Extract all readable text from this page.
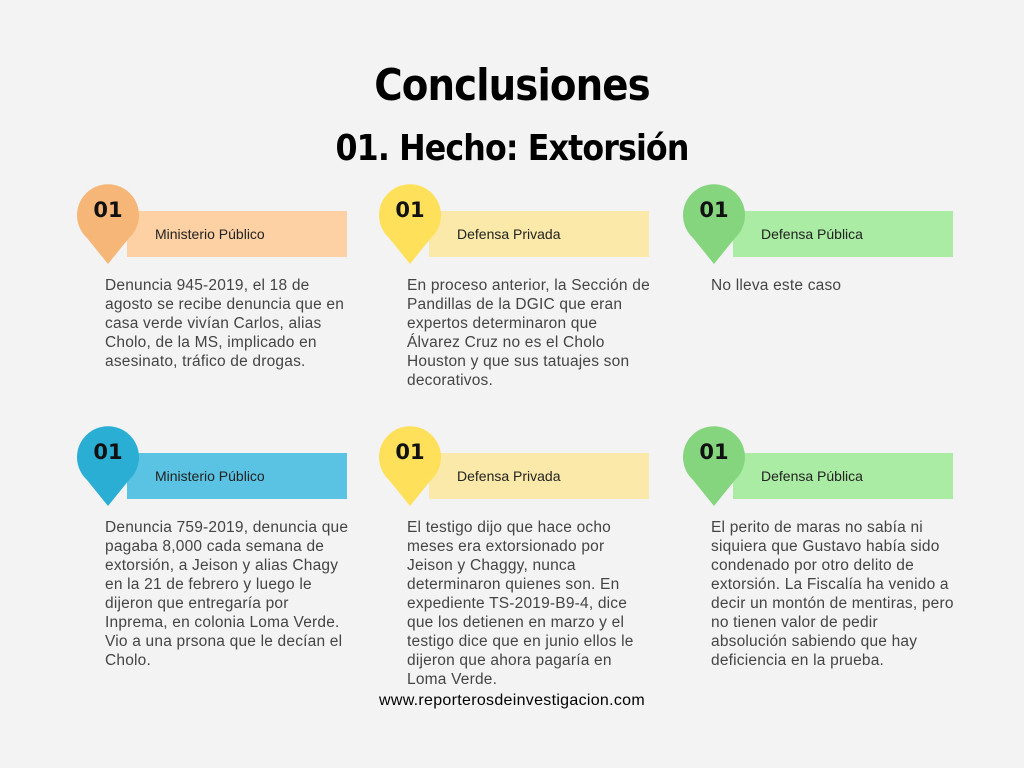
Conclusiones
01. Hecho: Extorsión
01
Ministerio Público
Denuncia 945-2019, el 18 de agosto se recibe denuncia que en casa verde vivían Carlos, alias Cholo, de la MS, implicado en asesinato, tráfico de drogas.
01
Defensa Privada
En proceso anterior, la Sección de Pandillas de la DGIC que eran expertos determinaron que Álvarez Cruz no es el Cholo Houston y que sus tatuajes son decorativos.
01
Defensa Pública
No lleva este caso
01
Ministerio Público
Denuncia 759-2019, denuncia que pagaba 8,000 cada semana de extorsión, a Jeison y alias Chagy en la 21 de febrero y luego le dijeron que entregaría por Inprema, en colonia Loma Verde. Vio a una prsona que le decían el Cholo.
01
Defensa Privada
El testigo dijo que hace ocho meses era extorsionado por Jeison y Chaggy, nunca determinaron quienes son. En expediente TS-2019-B9-4, dice que los detienen en marzo y el testigo dice que en junio ellos le dijeron que ahora pagaría en Loma Verde.
01
Defensa Pública
El perito de maras no sabía ni siquiera que Gustavo había sido condenado por otro delito de extorsión. La Fiscalía ha venido a decir un montón de mentiras, pero no tienen valor de pedir absolución sabiendo que hay deficiencia en la prueba.
www.reporterosdeinvestigacion.com
